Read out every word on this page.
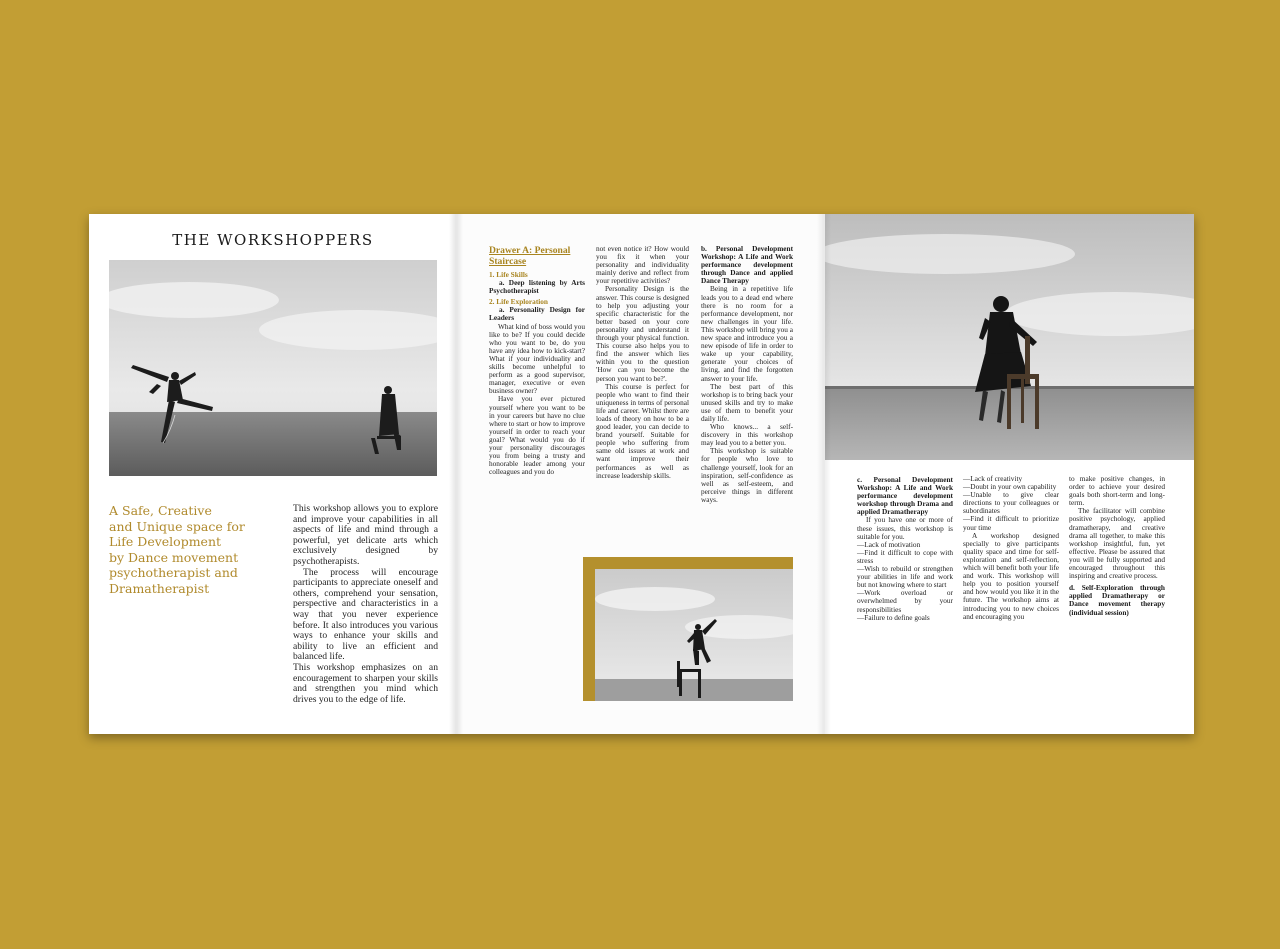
THE WORKSHOPPERS
A Safe, Creative
and Unique space for
Life Development
by Dance movement
psychotherapist and
Dramatherapist

This workshop allows you to explore and improve your capabilities in all aspects of life and mind through a powerful, yet delicate arts which exclusively designed by psychotherapists.

The process will encourage participants to appreciate oneself and others, comprehend your sensation, perspective and characteristics in a way that you never experience before. It also introduces you various ways to enhance your skills and ability to live an efficient and balanced life.

This workshop emphasizes on an encouragement to sharpen your skills and strengthen you mind which drives you to the edge of life.

Drawer A: Personal Staircase

1. Life Skills

a. Deep listening by Arts Psychotherapist

2. Life Exploration

a. Personality Design for Leaders

What kind of boss would you like to be? If you could decide who you want to be, do you have any idea how to kick-start? What if your individuality and skills become unhelpful to perform as a good supervisor, manager, executive or even business owner?

Have you ever pictured yourself where you want to be in your careers but have no clue where to start or how to improve yourself in order to reach your goal? What would you do if your personality discourages you from being a trusty and honorable leader among your colleagues and you do

not even notice it? How would you fix it when your personality and individuality mainly derive and reflect from your repetitive activities?

Personality Design is the answer. This course is designed to help you adjusting your specific characteristic for the better based on your core personality and understand it through your physical function. This course also helps you to find the answer which lies within you to the question 'How can you become the person you want to be?'.

This course is perfect for people who want to find their uniqueness in terms of personal life and career. Whilst there are loads of theory on how to be a good leader, you can decide to brand yourself. Suitable for people who suffering from same old issues at work and want improve their performances as well as increase leadership skills.

b. Personal Development Workshop: A Life and Work performance development through Dance and applied Dance Therapy

Being in a repetitive life leads you to a dead end where there is no room for a performance development, nor new challenges in your life. This workshop will bring you a new space and introduce you a new episode of life in order to wake up your capability, generate your choices of living, and find the forgotten answer to your life.

The best part of this workshop is to bring back your unused skills and try to make use of them to benefit your daily life.

Who knows... a self-discovery in this workshop may lead you to a better you.

This workshop is suitable for people who love to challenge yourself, look for an inspiration, self-confidence as well as self-esteem, and perceive things in different ways.

c. Personal Development Workshop: A Life and Work performance development workshop through Drama and applied Dramatherapy

If you have one or more of these issues, this workshop is suitable for you.

—Lack of motivation

—Find it difficult to cope with stress

—Wish to rebuild or strengthen your abilities in life and work but not knowing where to start

—Work overload or overwhelmed by your responsibilities

—Failure to define goals

—Lack of creativity

—Doubt in your own capability

—Unable to give clear directions to your colleagues or subordinates

—Find it difficult to prioritize your time

A workshop designed specially to give participants quality space and time for self-exploration and self-reflection, which will benefit both your life and work. This workshop will help you to position yourself and how would you like it in the future. The workshop aims at introducing you to new choices and encouraging you

to make positive changes, in order to achieve your desired goals both short-term and long-term.

The facilitator will combine positive psychology, applied dramatherapy, and creative drama all together, to make this workshop insightful, fun, yet effective. Please be assured that you will be fully supported and encouraged throughout this inspiring and creative process.

d. Self-Exploration through applied Dramatherapy or Dance movement therapy (individual session)
